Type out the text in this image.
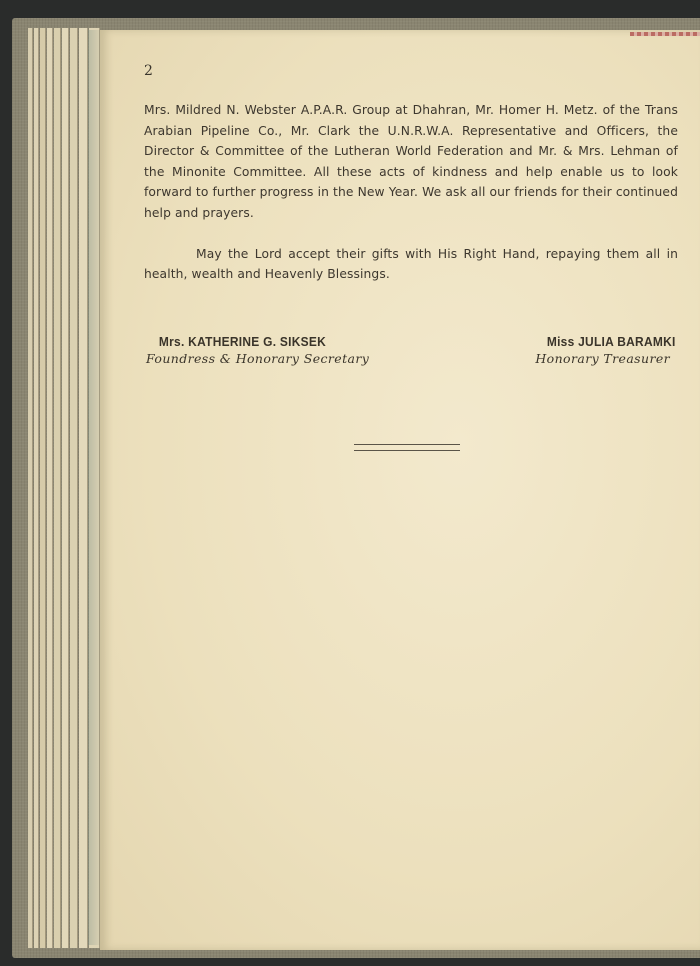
2

Mrs. Mildred N. Webster A.P.A.R. Group at Dhahran, Mr. Homer H. Metz. of the Trans Arabian Pipeline Co., Mr. Clark the U.N.R.W.A. Representative and Officers, the Director & Committee of the Lutheran World Federation and Mr. & Mrs. Lehman of the Minonite Committee. All these acts of kindness and help enable us to look forward to further progress in the New Year. We ask all our friends for their continued help and prayers.

May the Lord accept their gifts with His Right Hand, repaying them all in health, wealth and Heavenly Blessings.

Mrs. KATHERINE G. SIKSEK
Foundress & Honorary Secretary
Miss JULIA BARAMKI
Honorary Treasurer
